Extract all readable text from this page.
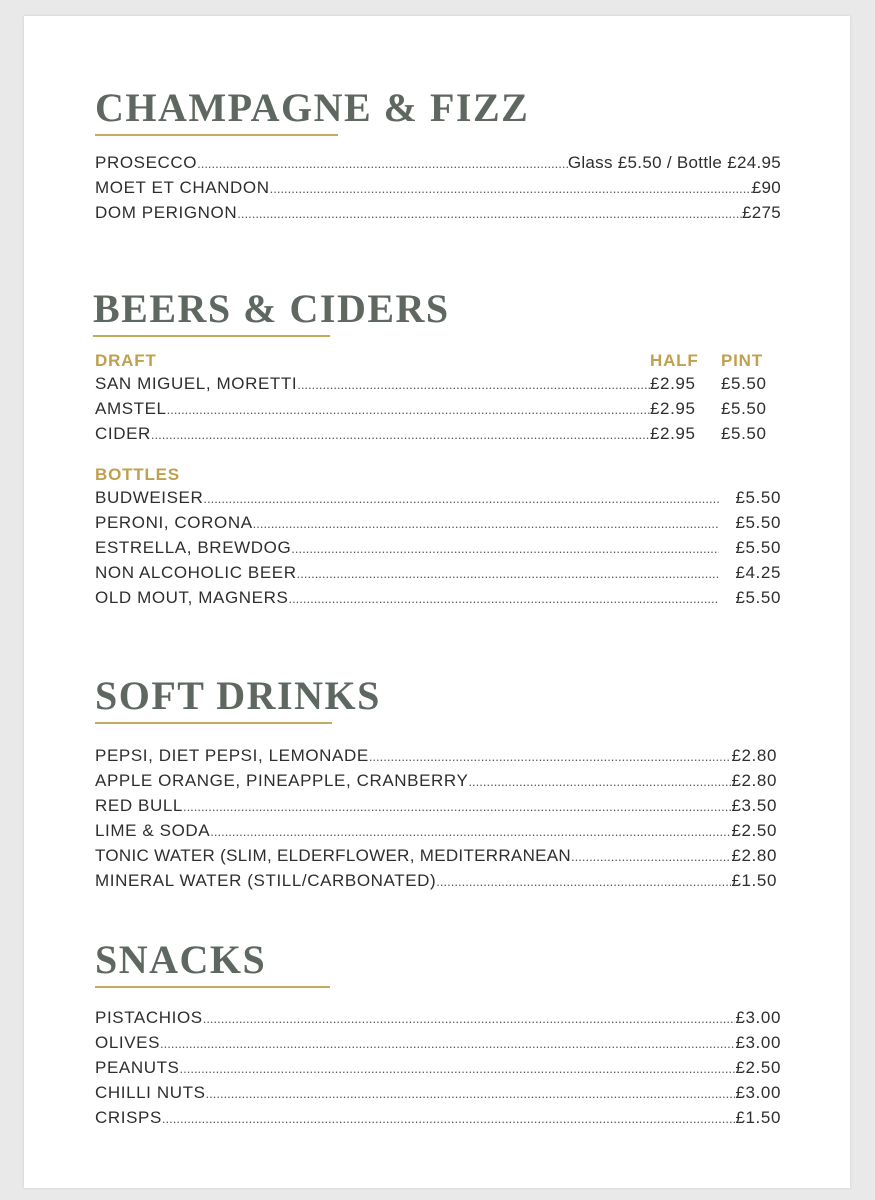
CHAMPAGNE & FIZZ
PROSECCO .....	Glass £5.50 / Bottle £24.95
MOET ET CHANDON .....	£90
DOM PERIGNON .....	£275
BEERS & CIDERS
DRAFT	HALF	PINT
SAN MIGUEL, MORETTI .....	£2.95	£5.50
AMSTEL .....	£2.95	£5.50
CIDER .....	£2.95	£5.50
BOTTLES
BUDWEISER .....	£5.50
PERONI, CORONA .....	£5.50
ESTRELLA, BREWDOG .....	£5.50
NON ALCOHOLIC BEER .....	£4.25
OLD MOUT, MAGNERS .....	£5.50
SOFT DRINKS
PEPSI, DIET PEPSI, LEMONADE .....	£2.80
APPLE ORANGE, PINEAPPLE, CRANBERRY .....	£2.80
RED BULL .....	£3.50
LIME & SODA .....	£2.50
TONIC WATER (SLIM, ELDERFLOWER, MEDITERRANEAN .....	£2.80
MINERAL WATER (STILL/CARBONATED) .....	£1.50
SNACKS
PISTACHIOS .....	£3.00
OLIVES .....	£3.00
PEANUTS .....	£2.50
CHILLI NUTS .....	£3.00
CRISPS .....	£1.50
